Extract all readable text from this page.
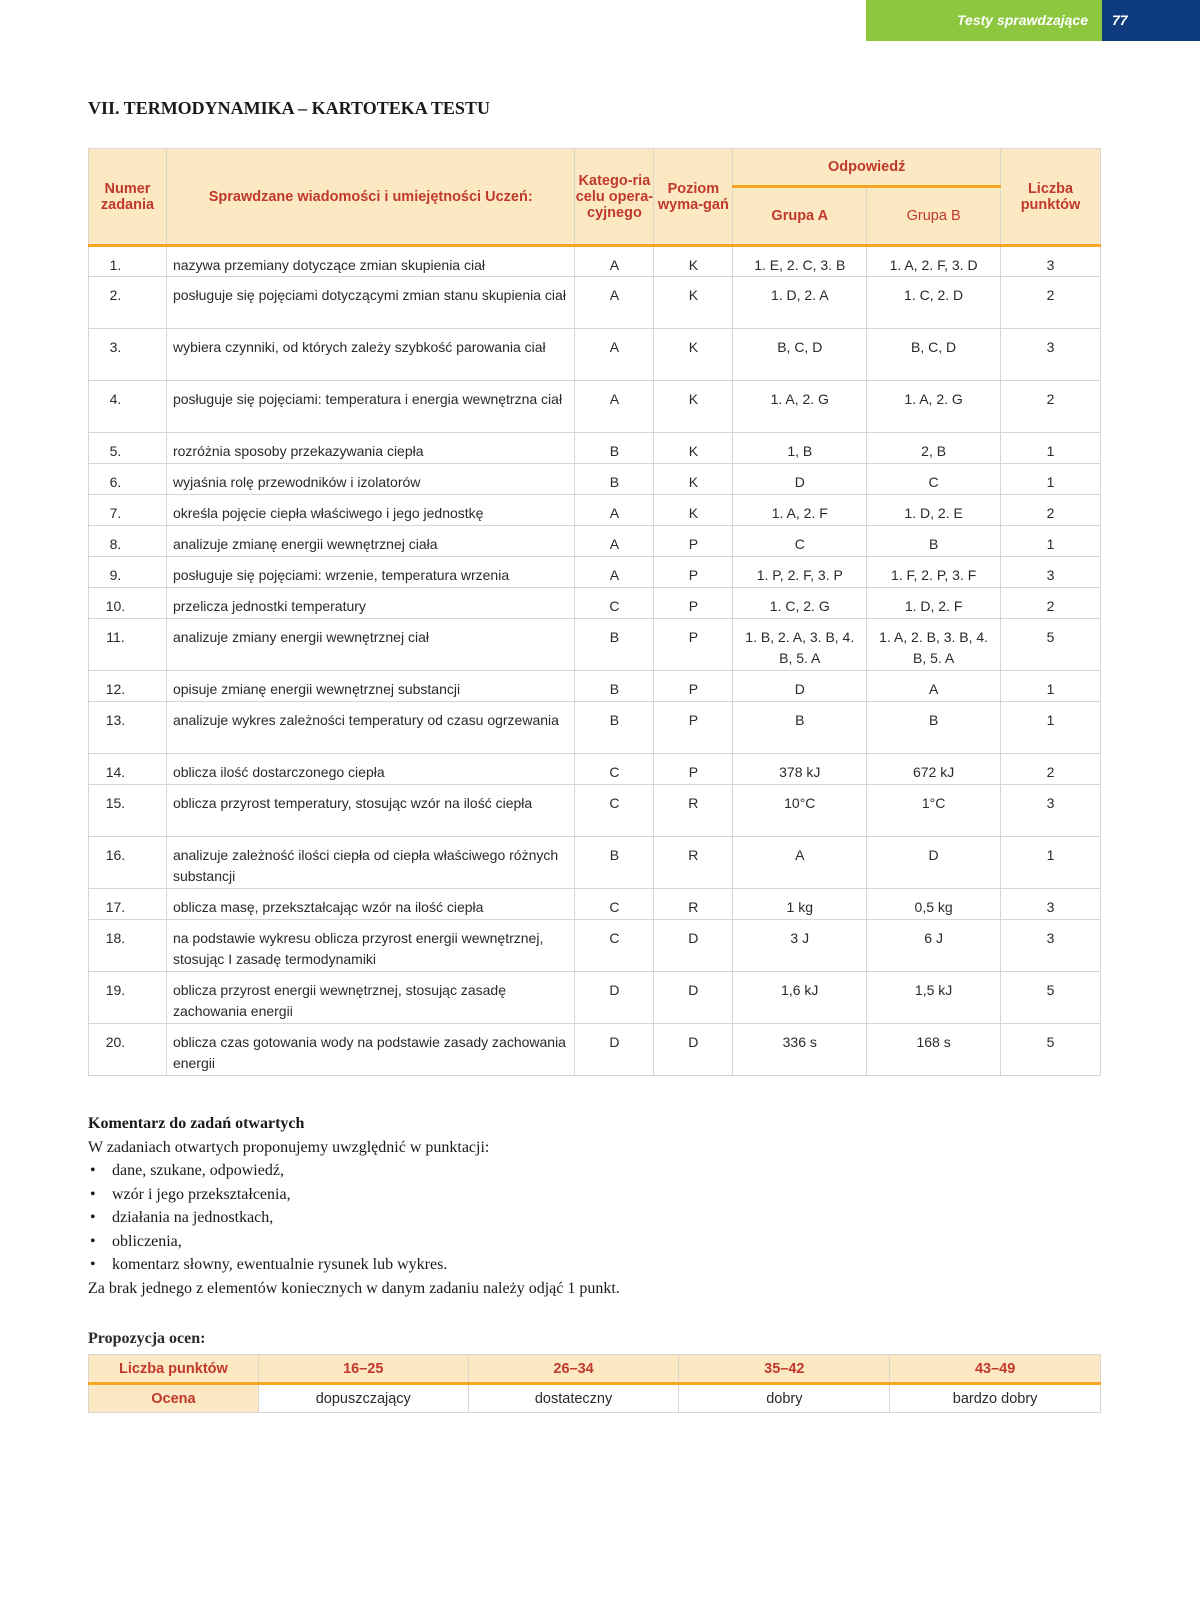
Testy sprawdzające 77
VII. TERMODYNAMIKA – KARTOTEKA TESTU
Numer zadania	Sprawdzane wiadomości i umiejętności Uczeń:	Katego-ria celu opera-cyjnego	Poziom wyma-gań	Odpowiedź		Liczba punktów
				Grupa A	Grupa B	
1.	nazywa przemiany dotyczące zmian skupienia ciał	A	K	1. E, 2. C, 3. B	1. A, 2. F, 3. D	3
2.	posługuje się pojęciami dotyczącymi zmian stanu skupienia ciał	A	K	1. D, 2. A	1. C, 2. D	2
3.	wybiera czynniki, od których zależy szybkość parowania ciał	A	K	B, C, D	B, C, D	3
4.	posługuje się pojęciami: temperatura i energia wewnętrzna ciał	A	K	1. A, 2. G	1. A, 2. G	2
5.	rozróżnia sposoby przekazywania ciepła	B	K	1, B	2, B	1
6.	wyjaśnia rolę przewodników i izolatorów	B	K	D	C	1
7.	określa pojęcie ciepła właściwego i jego jednostkę	A	K	1. A, 2. F	1. D, 2. E	2
8.	analizuje zmianę energii wewnętrznej ciała	A	P	C	B	1
9.	posługuje się pojęciami: wrzenie, temperatura wrzenia	A	P	1. P, 2. F, 3. P	1. F, 2. P, 3. F	3
10.	przelicza jednostki temperatury	C	P	1. C, 2. G	1. D, 2. F	2
11.	analizuje zmiany energii wewnętrznej ciał	B	P	1. B, 2. A, 3. B, 4. B, 5. A	1. A, 2. B, 3. B, 4. B, 5. A	5
12.	opisuje zmianę energii wewnętrznej substancji	B	P	D	A	1
13.	analizuje wykres zależności temperatury od czasu ogrzewania	B	P	B	B	1
14.	oblicza ilość dostarczonego ciepła	C	P	378 kJ	672 kJ	2
15.	oblicza przyrost temperatury, stosując wzór na ilość ciepła	C	R	10°C	1°C	3
16.	analizuje zależność ilości ciepła od ciepła właściwego różnych substancji	B	R	A	D	1
17.	oblicza masę, przekształcając wzór na ilość ciepła	C	R	1 kg	0,5 kg	3
18.	na podstawie wykresu oblicza przyrost energii wewnętrznej, stosując I zasadę termodynamiki	C	D	3 J	6 J	3
19.	oblicza przyrost energii wewnętrznej, stosując zasadę zachowania energii	D	D	1,6 kJ	1,5 kJ	5
20.	oblicza czas gotowania wody na podstawie zasady zachowania energii	D	D	336 s	168 s	5
Komentarz do zadań otwartych
W zadaniach otwartych proponujemy uwzględnić w punktacji:
• dane, szukane, odpowiedź,
• wzór i jego przekształcenia,
• działania na jednostkach,
• obliczenia,
• komentarz słowny, ewentualnie rysunek lub wykres.
Za brak jednego z elementów koniecznych w danym zadaniu należy odjąć 1 punkt.
Propozycja ocen:
Liczba punktów	16–25	26–34	35–42	43–49
Ocena	dopuszczający	dostateczny	dobry	bardzo dobry
